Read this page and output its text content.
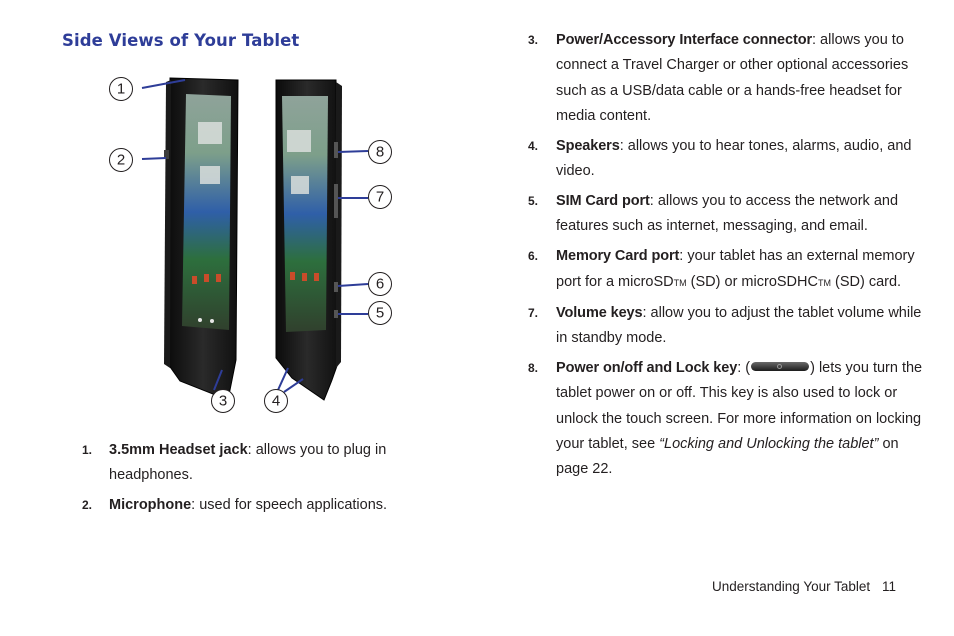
Side Views of Your Tablet
1
2
3	4
5
6
7
8
1. 3.5mm Headset jack: allows you to plug in headphones.
2. Microphone: used for speech applications.
3. Power/Accessory Interface connector: allows you to connect a Travel Charger or other optional accessories such as a USB/data cable or a hands-free headset for media content.
4. Speakers: allows you to hear tones, alarms, audio, and video.
5. SIM Card port: allows you to access the network and features such as internet, messaging, and email.
6. Memory Card port: your tablet has an external memory port for a microSDTM (SD) or microSDHCTM (SD) card.
7. Volume keys: allow you to adjust the tablet volume while in standby mode.
8. Power on/off and Lock key: (	) lets you turn the tablet power on or off. This key is also used to lock or unlock the touch screen. For more information on locking your tablet, see “Locking and Unlocking the tablet” on page 22.
Understanding Your Tablet 11
